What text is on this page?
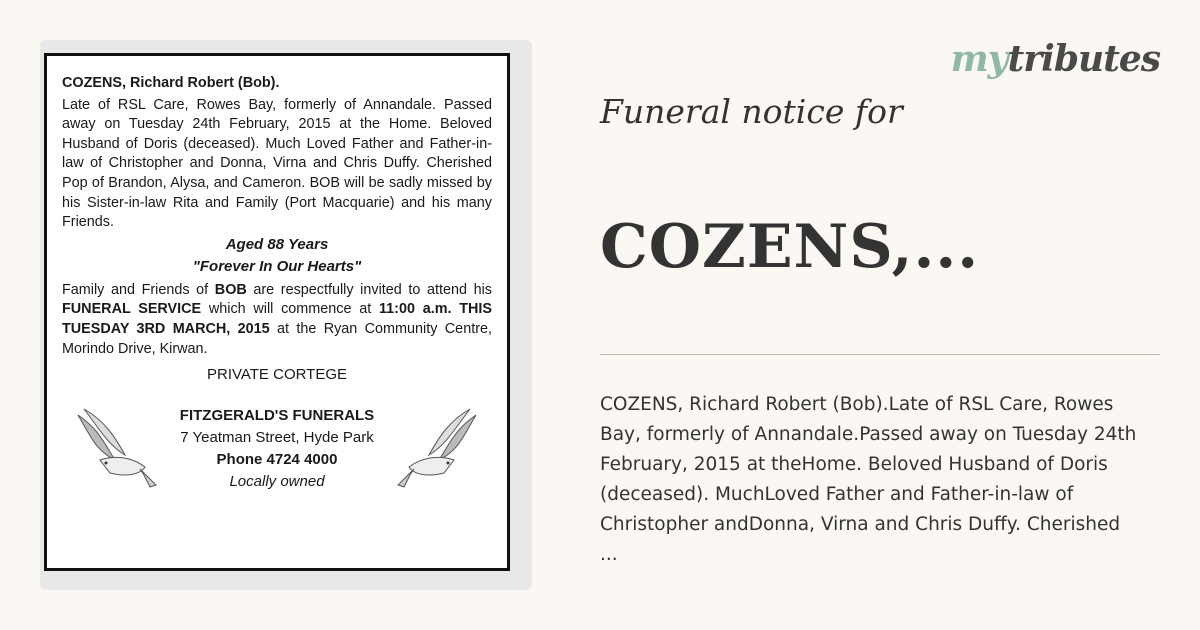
COZENS, Richard Robert (Bob).
Late of RSL Care, Rowes Bay, formerly of Annandale. Passed away on Tuesday 24th February, 2015 at the Home. Beloved Husband of Doris (deceased). Much Loved Father and Father-in-law of Christopher and Donna, Virna and Chris Duffy. Cherished Pop of Brandon, Alysa, and Cameron. BOB will be sadly missed by his Sister-in-law Rita and Family (Port Macquarie) and his many Friends.
Aged 88 Years
"Forever In Our Hearts"
Family and Friends of BOB are respectfully invited to attend his FUNERAL SERVICE which will commence at 11:00 a.m. THIS TUESDAY 3RD MARCH, 2015 at the Ryan Community Centre, Morindo Drive, Kirwan.
PRIVATE CORTEGE
FITZGERALD'S FUNERALS
7 Yeatman Street, Hyde Park
Phone 4724 4000
Locally owned
mytributes
Funeral notice for
COZENS,...
COZENS, Richard Robert (Bob).Late of RSL Care, Rowes
Bay, formerly of Annandale.Passed away on Tuesday 24th
February, 2015 at theHome. Beloved Husband of Doris
(deceased). MuchLoved Father and Father-in-law of
Christopher andDonna, Virna and Chris Duffy. Cherished
...
